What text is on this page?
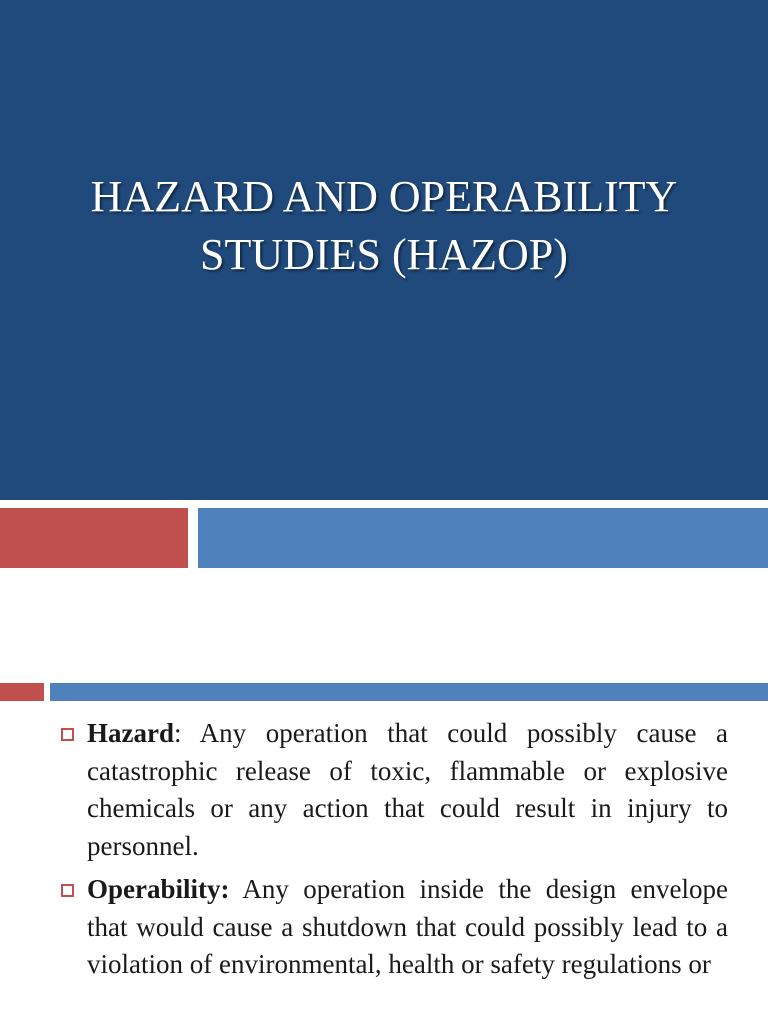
HAZARD AND OPERABILITY
STUDIES (HAZOP)
Hazard: Any operation that could possibly cause a catastrophic release of toxic, flammable or explosive chemicals or any action that could result in injury to personnel.
Operability: Any operation inside the design envelope that would cause a shutdown that could possibly lead to a violation of environmental, health or safety regulations or
